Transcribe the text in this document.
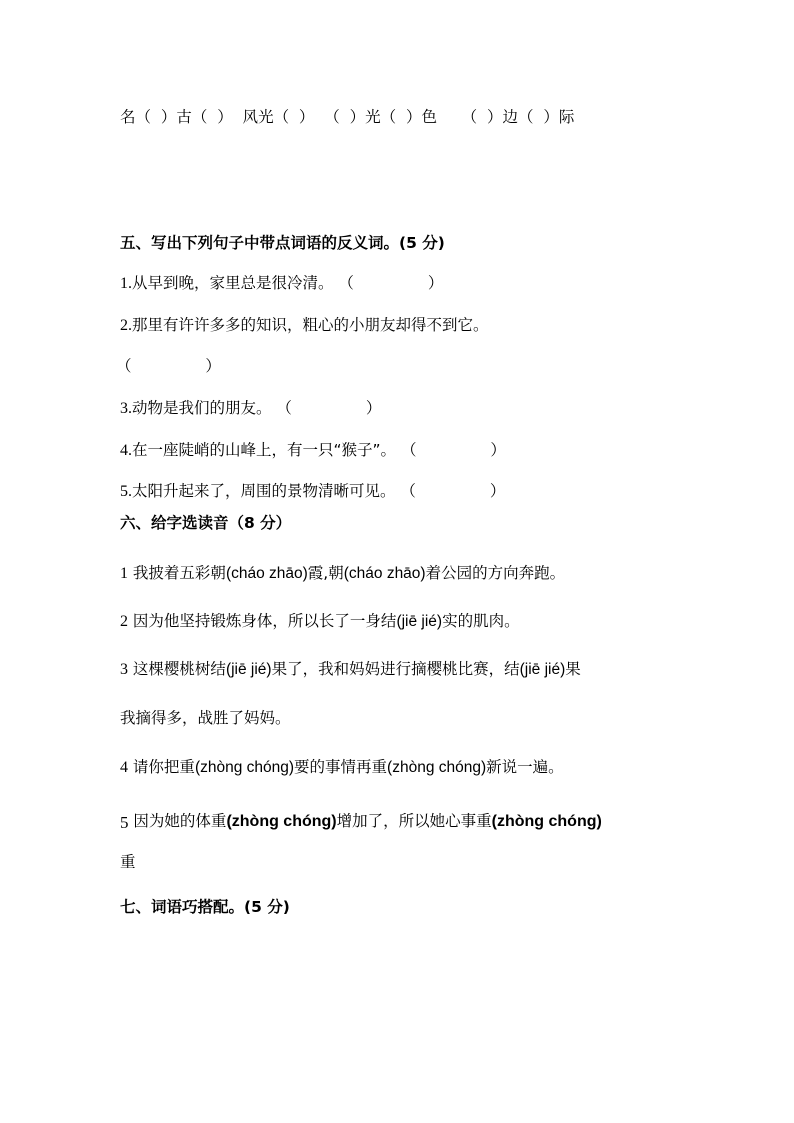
名（  ）古（  ）  风光（  ）  （  ）光（  ）色     （  ）边（  ）际
五、写出下列句子中带点词语的反义词。(5 分)
1.从早到晚，家里总是很冷清。 （               ）
2.那里有许许多多的知识，粗心的小朋友却得不到它。
（               ）
3.动物是我们的朋友。 （               ）
4.在一座陡峭的山峰上，有一只“猴子”。 （               ）
5.太阳升起来了，周围的景物清晰可见。 （               ）
六、给字选读音（8 分）
1 我披着五彩朝(cháo zhāo)霞,朝(cháo zhāo)着公园的方向奔跑。
2 因为他坚持锻炼身体，所以长了一身结(jiē jié)实的肌肉。
3 这棵樱桃树结(jiē jié)果了，我和妈妈进行摘樱桃比赛，结(jiē jié)果
我摘得多，战胜了妈妈。
4 请你把重(zhòng chóng)要的事情再重(zhòng chóng)新说一遍。
5 因为她的体重(zhòng chóng)增加了，所以她心事重(zhòng chóng)
重
七、词语巧搭配。(5 分)
